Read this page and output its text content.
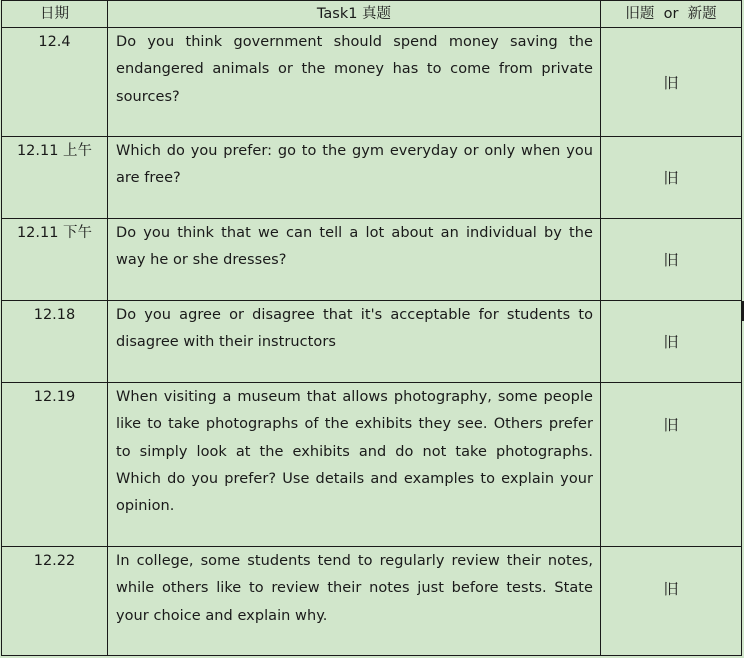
日期	Task1 真题	旧题  or  新题
12.4	Do you think government should spend money saving the endangered animals or the money has to come from private sources?	旧
12.11 上午	Which do you prefer: go to the gym everyday or only when you are free?	旧
12.11 下午	Do you think that we can tell a lot about an individual by the way he or she dresses?	旧
12.18	Do you agree or disagree that it's acceptable for students to disagree with their instructors	旧
12.19	When visiting a museum that allows photography, some people like to take photographs of the exhibits they see. Others prefer to simply look at the exhibits and do not take photographs. Which do you prefer? Use details and examples to explain your opinion.	旧
12.22	In college, some students tend to regularly review their notes, while others like to review their notes just before tests. State your choice and explain why.	旧
